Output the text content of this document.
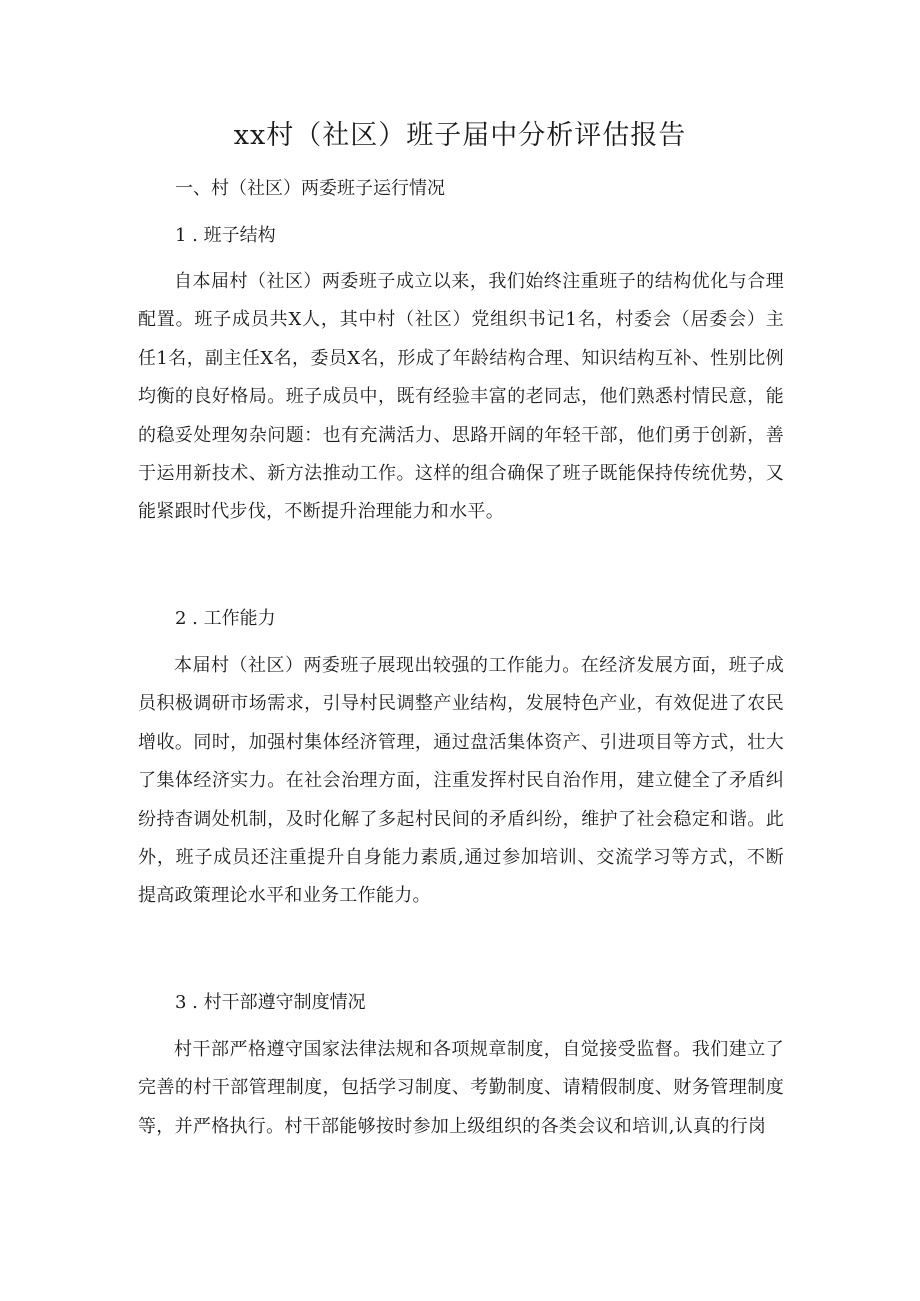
xx村（社区）班子届中分析评估报告
一、村（社区）两委班子运行情况
1 . 班子结构
自本届村（社区）两委班子成立以来，我们始终注重班子的结构优化与合理配置。班子成员共X人，其中村（社区）党组织书记1名，村委会（居委会）主任1名，副主任X名，委员X名，形成了年龄结构合理、知识结构互补、性别比例均衡的良好格局。班子成员中，既有经验丰富的老同志，他们熟悉村情民意，能的稳妥处理匆杂问题：也有充满活力、思路开阔的年轻干部，他们勇于创新，善于运用新技术、新方法推动工作。这样的组合确保了班子既能保持传统优势，又能紧跟时代步伐，不断提升治理能力和水平。
2 . 工作能力
本届村（社区）两委班子展现出较强的工作能力。在经济发展方面，班子成员积极调研市场需求，引导村民调整产业结构，发展特色产业，有效促进了农民增收。同时，加强村集体经济管理，通过盘活集体资产、引进项目等方式，壮大了集体经济实力。在社会治理方面，注重发挥村民自治作用，建立健全了矛盾纠纷持杳调处机制，及时化解了多起村民间的矛盾纠纷，维护了社会稳定和谐。此外，班子成员还注重提升自身能力素质,通过参加培训、交流学习等方式，不断提高政策理论水平和业务工作能力。
3 . 村干部遵守制度情况
村干部严格遵守国家法律法规和各项规章制度，自觉接受监督。我们建立了完善的村干部管理制度，包括学习制度、考勤制度、请精假制度、财务管理制度等，并严格执行。村干部能够按时参加上级组织的各类会议和培训,认真的行岗
